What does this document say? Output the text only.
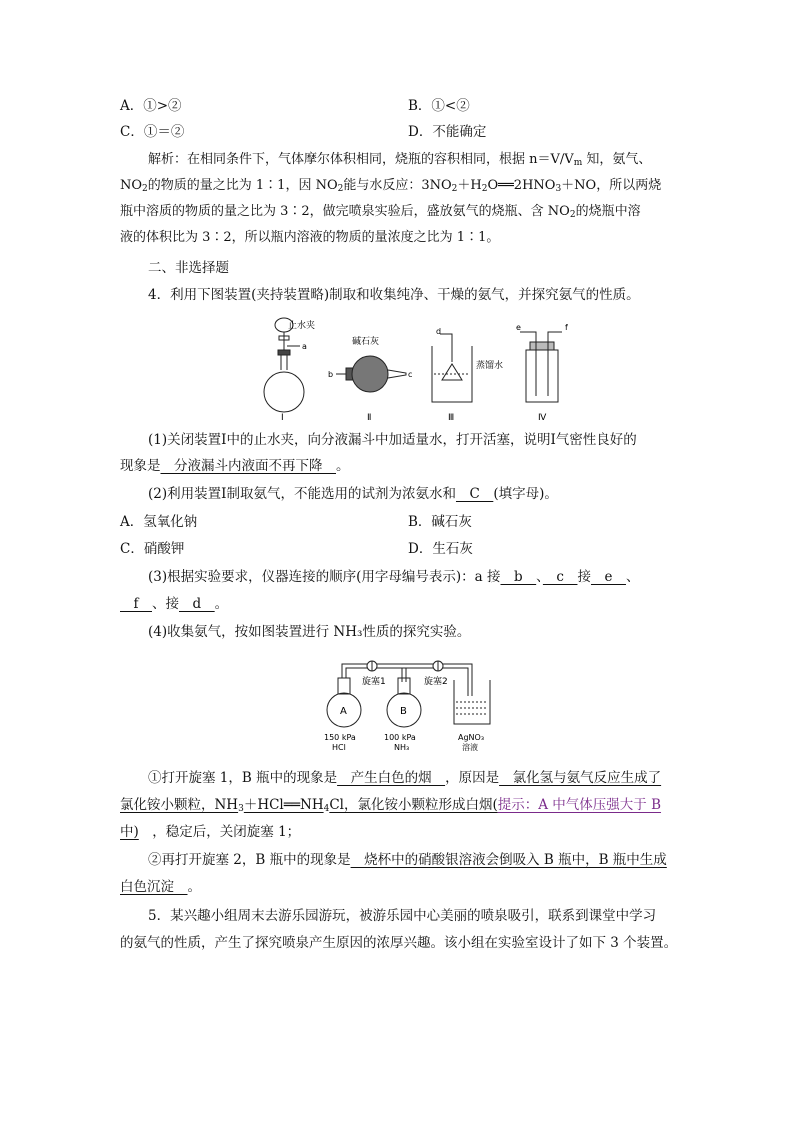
A．①>②	B．①<②
C．①＝②	D．不能确定
解析：在相同条件下，气体摩尔体积相同，烧瓶的容积相同，根据 $n=V/V_m$ 知，氨气、
$NO_2$的物质的量之比为 1∶1，因 $NO_2$能与水反应：$3NO_2+H_2O══2HNO_3+NO$，所以两烧
瓶中溶质的物质的量之比为 3∶2，做完喷泉实验后，盛放氨气的烧瓶、含 $NO_2$的烧瓶中溶
液的体积比为 3∶2，所以瓶内溶液的物质的量浓度之比为 1∶1。
二、非选择题
4．利用下图装置(夹持装置略)制取和收集纯净、干燥的氨气，并探究氨气的性质。
止水夹
a
Ⅰ
碱石灰
b	c
Ⅱ
d
蒸馏水
Ⅲ
e	f
Ⅳ
(1)关闭装置Ⅰ中的止水夹，向分液漏斗中加适量水，打开活塞，说明Ⅰ气密性良好的
现象是　分液漏斗内液面不再下降　。
(2)利用装置Ⅰ制取氨气，不能选用的试剂为浓氨水和　C　(填字母)。
A．氢氧化钠	B．碱石灰
C．硝酸钾	D．生石灰
(3)根据实验要求，仪器连接的顺序(用字母编号表示)：a 接　b　、　c　接　e　、
　f　、接　d　。
(4)收集氨气，按如图装置进行 NH₃性质的探究实验。
旋塞1	旋塞2
A
150 kPa
HCl
B
100 kPa
NH₃
AgNO₃
溶液
①打开旋塞 1，B 瓶中的现象是　产生白色的烟　，原因是　氯化氢与氨气反应生成了
氯化铵小颗粒，$NH_3+HCl══NH_4Cl$，氯化铵小颗粒形成白烟(提示：A 中气体压强大于 B
中)　，稳定后，关闭旋塞 1；
②再打开旋塞 2，B 瓶中的现象是　烧杯中的硝酸银溶液会倒吸入 B 瓶中，B 瓶中生成
白色沉淀　。
5．某兴趣小组周末去游乐园游玩，被游乐园中心美丽的喷泉吸引，联系到课堂中学习
的氨气的性质，产生了探究喷泉产生原因的浓厚兴趣。该小组在实验室设计了如下 3 个装置。
